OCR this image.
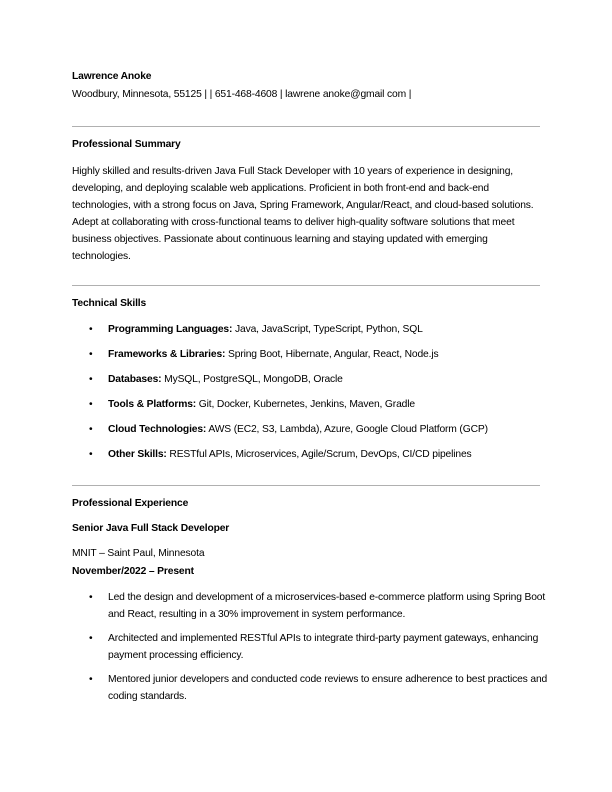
Lawrence Anoke
Woodbury, Minnesota, 55125 | | 651-468-4608 | lawrene anoke@gmail com |
Professional Summary
Highly skilled and results-driven Java Full Stack Developer with 10 years of experience in designing, developing, and deploying scalable web applications. Proficient in both front-end and back-end technologies, with a strong focus on Java, Spring Framework, Angular/React, and cloud-based solutions. Adept at collaborating with cross-functional teams to deliver high-quality software solutions that meet business objectives. Passionate about continuous learning and staying updated with emerging technologies.
Technical Skills
• Programming Languages: Java, JavaScript, TypeScript, Python, SQL
• Frameworks & Libraries: Spring Boot, Hibernate, Angular, React, Node.js
• Databases: MySQL, PostgreSQL, MongoDB, Oracle
• Tools & Platforms: Git, Docker, Kubernetes, Jenkins, Maven, Gradle
• Cloud Technologies: AWS (EC2, S3, Lambda), Azure, Google Cloud Platform (GCP)
• Other Skills: RESTful APIs, Microservices, Agile/Scrum, DevOps, CI/CD pipelines
Professional Experience
Senior Java Full Stack Developer
MNIT – Saint Paul, Minnesota
November/2022 – Present
• Led the design and development of a microservices-based e-commerce platform using Spring Boot and React, resulting in a 30% improvement in system performance.
• Architected and implemented RESTful APIs to integrate third-party payment gateways, enhancing payment processing efficiency.
• Mentored junior developers and conducted code reviews to ensure adherence to best practices and coding standards.
